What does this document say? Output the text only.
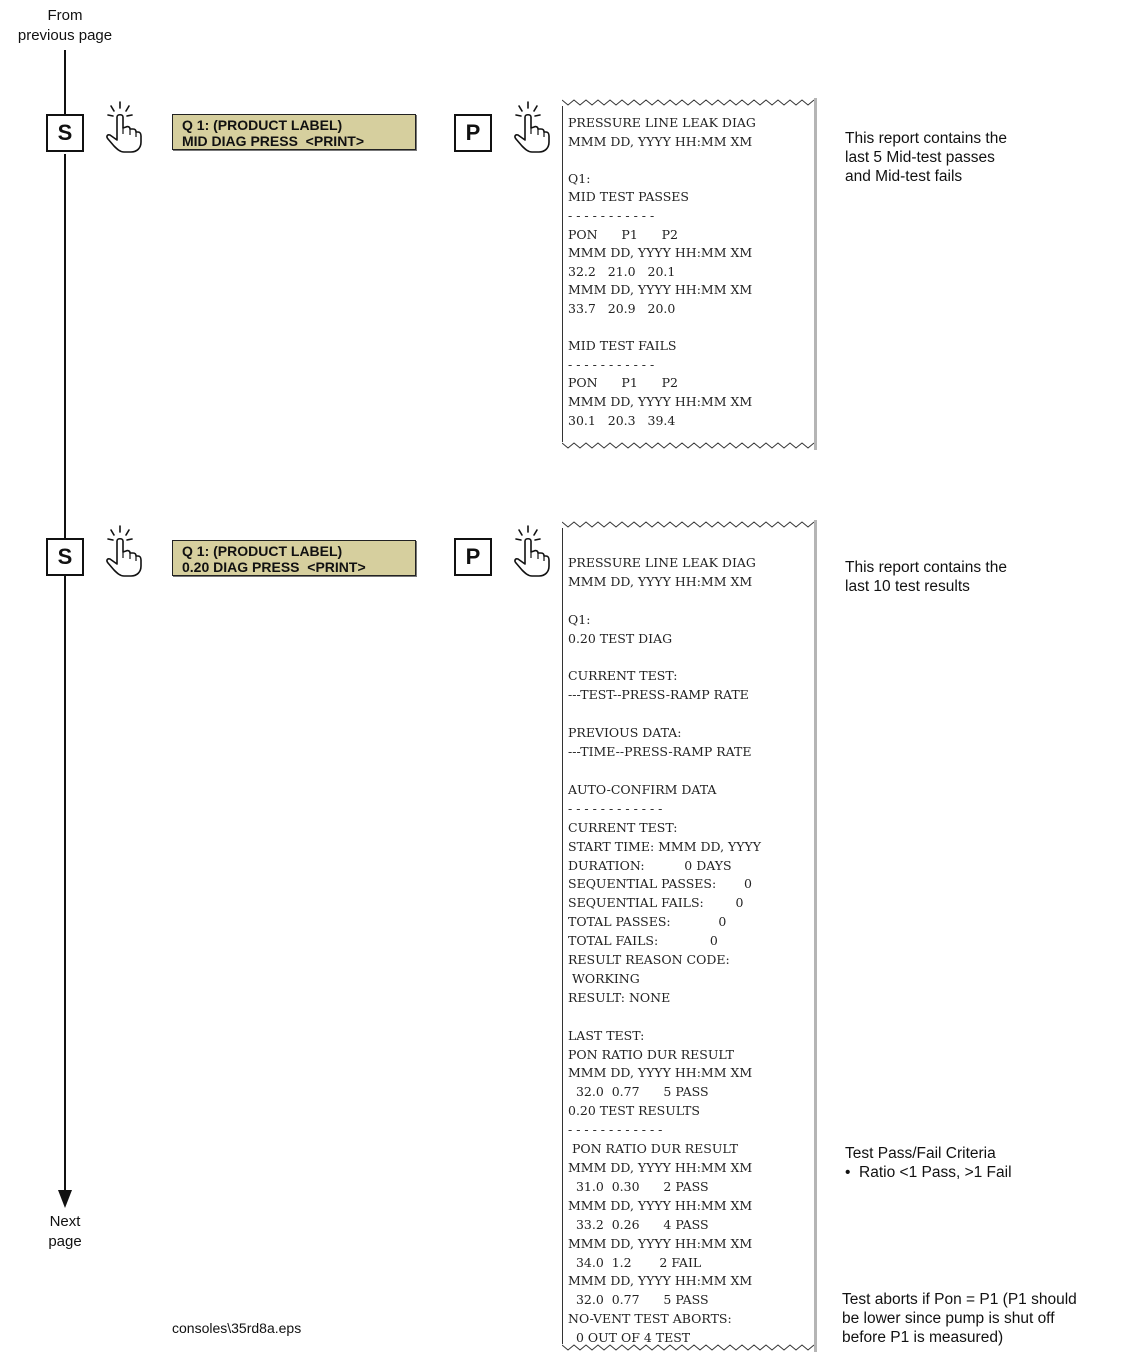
From
previous page
Next
page
S	Q 1: (PRODUCT LABEL)
MID DIAG PRESS  <PRINT>	P	PRESSURE LINE LEAK DIAG
MMM DD, YYYY HH:MM XM

Q1:
MID TEST PASSES
- - - - - - - - - - -
PON      P1      P2
MMM DD, YYYY HH:MM XM
32.2   21.0   20.1
MMM DD, YYYY HH:MM XM
33.7   20.9   20.0

MID TEST FAILS
- - - - - - - - - - -
PON      P1      P2
MMM DD, YYYY HH:MM XM
30.1   20.3   39.4
This report contains the
last 5 Mid-test passes
and Mid-test fails
S	Q 1: (PRODUCT LABEL)
0.20 DIAG PRESS  <PRINT>	P	PRESSURE LINE LEAK DIAG
MMM DD, YYYY HH:MM XM

Q1:
0.20 TEST DIAG

CURRENT TEST:
---TEST--PRESS-RAMP RATE

PREVIOUS DATA:
---TIME--PRESS-RAMP RATE

AUTO-CONFIRM DATA
- - - - - - - - - - - -
CURRENT TEST:
START TIME: MMM DD, YYYY
DURATION:          0 DAYS
SEQUENTIAL PASSES:       0
SEQUENTIAL FAILS:        0
TOTAL PASSES:            0
TOTAL FAILS:             0
RESULT REASON CODE:
WORKING
RESULT: NONE

LAST TEST:
PON RATIO DUR RESULT
MMM DD, YYYY HH:MM XM
32.0  0.77      5 PASS
0.20 TEST RESULTS
- - - - - - - - - - - -
PON RATIO DUR RESULT
MMM DD, YYYY HH:MM XM
31.0  0.30      2 PASS
MMM DD, YYYY HH:MM XM
33.2  0.26      4 PASS
MMM DD, YYYY HH:MM XM
34.0  1.2       2 FAIL
MMM DD, YYYY HH:MM XM
32.0  0.77      5 PASS
NO-VENT TEST ABORTS:
0 OUT OF 4 TEST
This report contains the
last 10 test results
Test Pass/Fail Criteria
•  Ratio <1 Pass, >1 Fail
Test aborts if Pon = P1 (P1 should
be lower since pump is shut off
before P1 is measured)
consoles\35rd8a.eps
